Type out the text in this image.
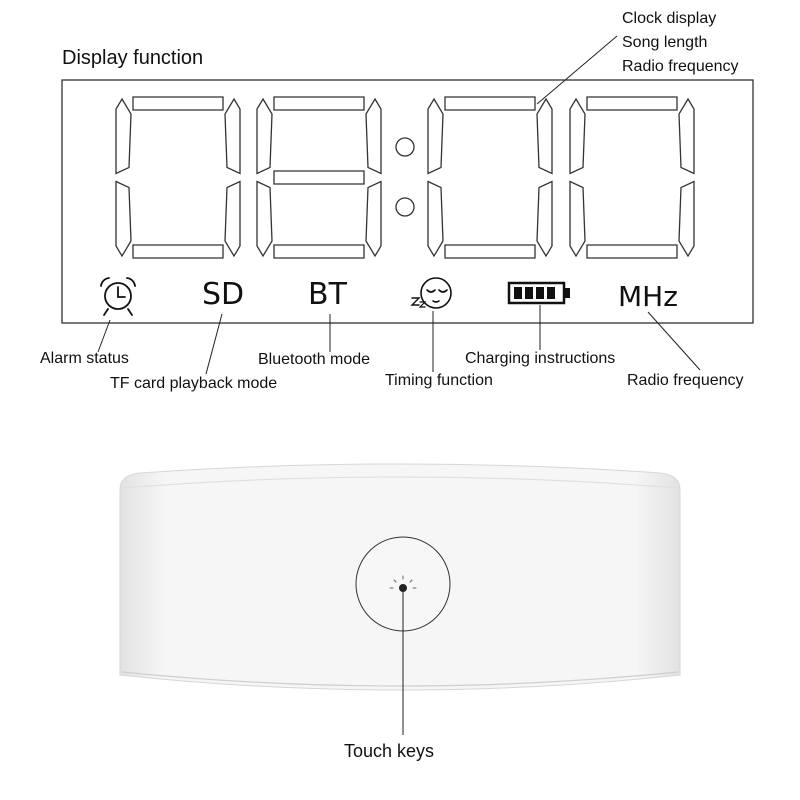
Display function
Clock display
Song length
Radio frequency
SD BT	MHz
Alarm status
TF card playback mode
Bluetooth mode
Timing function
Charging instructions
Radio frequency
Touch keys
